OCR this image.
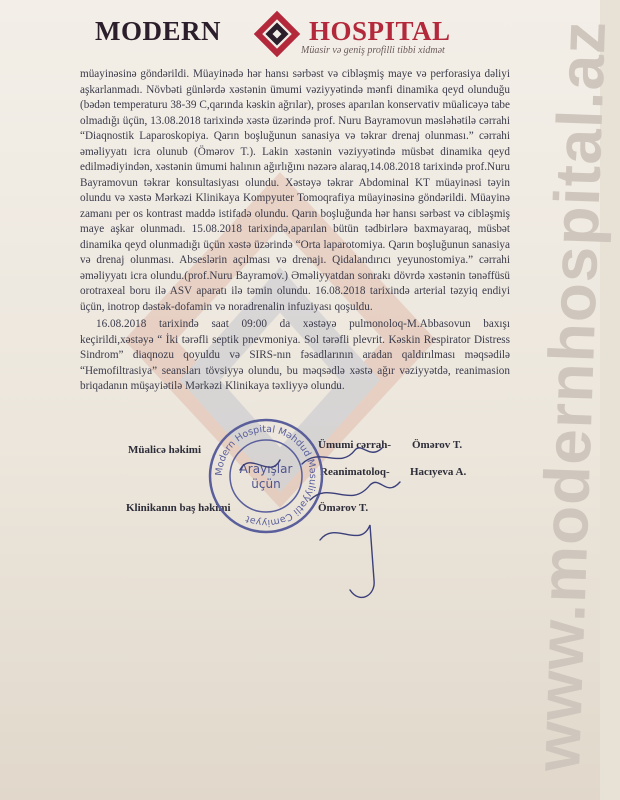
www.modernhospital.az
MODERN	HOSPITAL
Müasir və geniş profilli tibbi xidmət

müayinəsinə göndərildi. Müayinədə hər hansı sərbəst və cibləşmiş maye və perforasiya dəliyi aşkarlanmadı. Növbəti günlərdə xəstənin ümumi vəziyyətində mənfi dinamika qeyd olunduğu (bədən temperaturu 38-39 C,qarında kəskin ağrılar), proses aparılan konservativ müalicəyə tabe olmadığı üçün, 13.08.2018 tarixində xəstə üzərində prof. Nuru Bayramovun məsləhətilə cərrahi “Diaqnostik Laparoskopiya. Qarın boşluğunun sanasiya və təkrar drenaj olunması.” cərrahi əməliyyatı icra olunub (Ömərov T.). Lakin xəstənin vəziyyətində müsbət dinamika qeyd edilmədiyindən, xəstənin ümumi halının ağırlığını nəzərə alaraq,14.08.2018 tarixində prof.Nuru Bayramovun təkrar konsultasiyası olundu. Xəstəyə təkrar Abdominal KT müayinəsi təyin olundu və xəstə Mərkəzi Klinikaya Kompyuter Tomoqrafiya müayinəsinə göndərildi. Müayinə zamanı per os kontrast maddə istifadə olundu. Qarın boşluğunda hər hansı sərbəst və cibləşmiş maye aşkar olunmadı. 15.08.2018 tarixində,aparılan bütün tədbirlərə baxmayaraq, müsbət dinamika qeyd olunmadığı üçün xəstə üzərində “Orta laparotomiya. Qarın boşluğunun sanasiya və drenaj olunması. Abseslərin açılması və drenajı. Qidalandırıcı yeyunostomiya.” cərrahi əməliyyatı icra olundu.(prof.Nuru Bayramov.) Əməliyyatdan sonrakı dövrdə xəstənin tənəffüsü orotraxeal boru ilə ASV aparatı ilə təmin olundu. 16.08.2018 tarixində arterial təzyiq endiyi üçün, inotrop dəstək-dofamin və noradrenalin infuziyası qoşuldu.

16.08.2018 tarixində saat 09:00 da xəstəyə pulmonoloq-M.Abbasovun baxışı keçirildi,xəstəyə “ İki tərəfli septik pnevmoniya. Sol tərəfli plevrit. Kəskin Respirator Distress Sindrom” diaqnozu qoyuldu və SIRS-nın fəsadlarının aradan qaldırılması məqsədilə “Hemofiltrasiya” seansları tövsiyyə olundu, bu məqsədlə xəstə ağır vəziyyətdə, reanimasion briqadanın müşayiətilə Mərkəzi Klinikaya təxliyyə olundu.

Müalicə həkimi	Ümumi cərrah- Ömərov T.
Reanimatoloq- Hacıyeva A.
Klinikanın baş həkimi	Ömərov T.
Modern Hospital Məhdud Məsuliyyətli Cəmiyyət
Arayışlar
üçün
